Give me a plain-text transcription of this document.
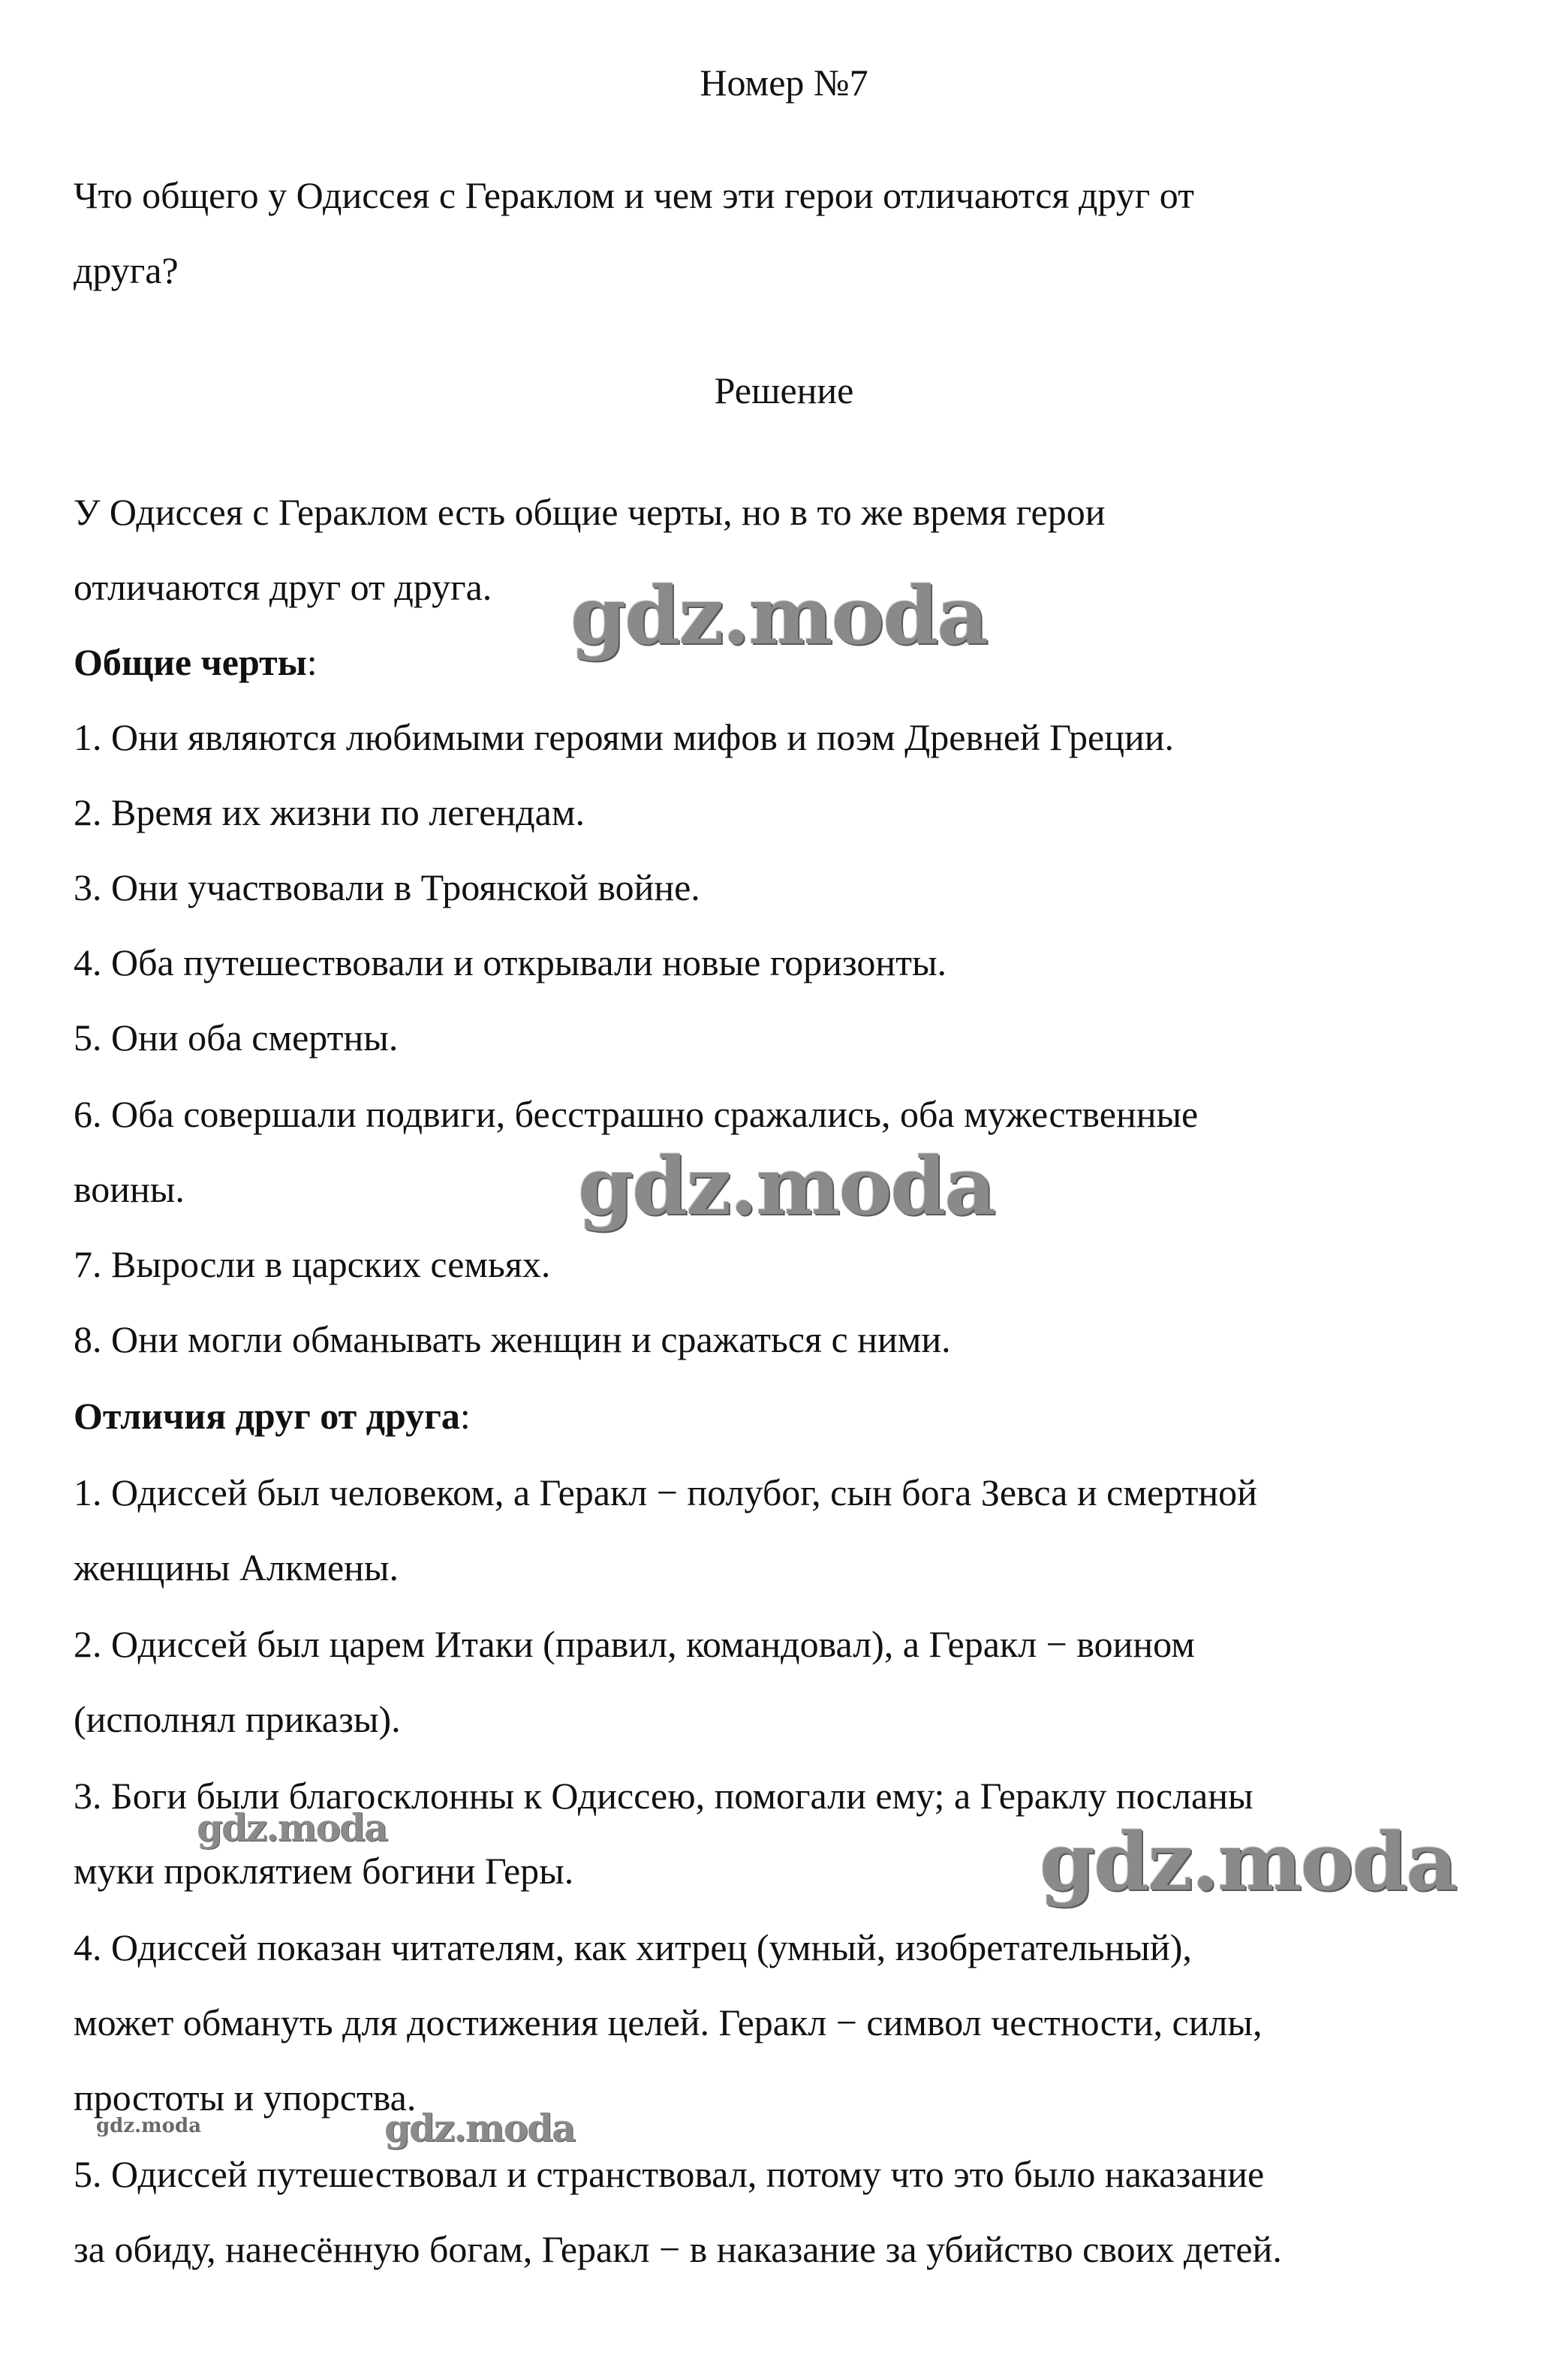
Номер №7
Что общего у Одиссея с Гераклом и чем эти герои отличаются друг от
друга?
Решение
У Одиссея с Гераклом есть общие черты, но в то же время герои
отличаются друг от друга.
Общие черты:
1. Они являются любимыми героями мифов и поэм Древней Греции.
2. Время их жизни по легендам.
3. Они участвовали в Троянской войне.
4. Оба путешествовали и открывали новые горизонты.
5. Они оба смертны.
6. Оба совершали подвиги, бесстрашно сражались, оба мужественные
воины.
7. Выросли в царских семьях.
8. Они могли обманывать женщин и сражаться с ними.
Отличия друг от друга:
1. Одиссей был человеком, а Геракл − полубог, сын бога Зевса и смертной
женщины Алкмены.
2. Одиссей был царем Итаки (правил, командовал), а Геракл − воином
(исполнял приказы).
3. Боги были благосклонны к Одиссею, помогали ему; а Гераклу посланы
муки проклятием богини Геры.
4. Одиссей показан читателям, как хитрец (умный, изобретательный),
может обмануть для достижения целей. Геракл − символ честности, силы,
простоты и упорства.
5. Одиссей путешествовал и странствовал, потому что это было наказание
за обиду, нанесённую богам, Геракл − в наказание за убийство своих детей.
gdz.moda
gdz.moda
gdz.moda	gdz.moda
gdz.moda	gdz.moda
